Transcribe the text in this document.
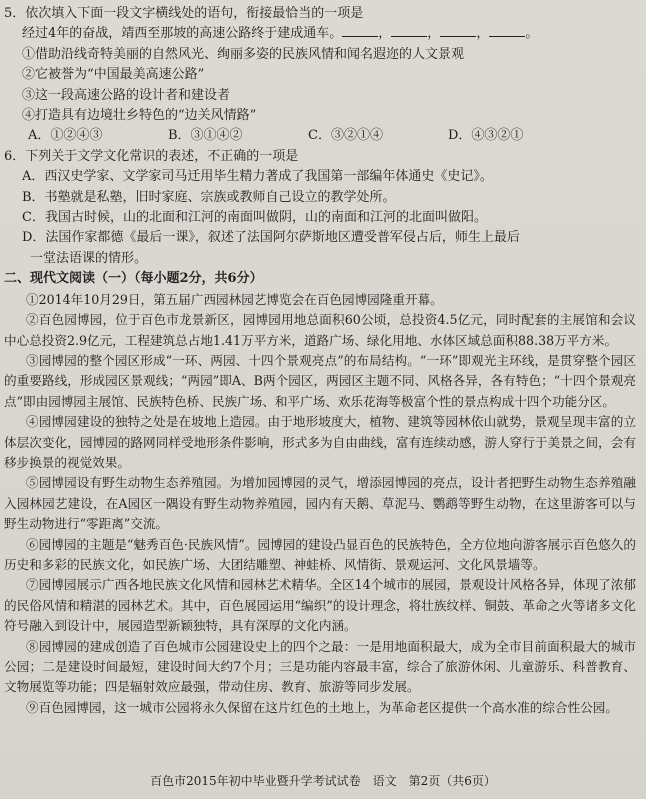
5．依次填入下面一段文字横线处的语句，衔接最恰当的一项是
经过4年的奋战，靖西至那坡的高速公路终于建成通车。	，	，	，	。
①借助沿线奇特美丽的自然风光、绚丽多姿的民族风情和闻名遐迩的人文景观
②它被誉为“中国最美高速公路”
③这一段高速公路的设计者和建设者
④打造具有边境壮乡特色的“边关风情路”
A．①②④③	B．③①④②	C．③②①④	D．④③②①
6．下列关于文学文化常识的表述，不正确的一项是
A．西汉史学家、文学家司马迁用毕生精力著成了我国第一部编年体通史《史记》。
B．书塾就是私塾，旧时家庭、宗族或教师自己设立的教学处所。
C．我国古时候，山的北面和江河的南面叫做阴，山的南面和江河的北面叫做阳。
D．法国作家都德《最后一课》，叙述了法国阿尔萨斯地区遭受普军侵占后，师生上最后
一堂法语课的情形。
二、现代文阅读（一）（每小题2分，共6分）
①2014年10月29日，第五届广西园林园艺博览会在百色园博园隆重开幕。
②百色园博园，位于百色市龙景新区，园博园用地总面积60公顷，总投资4.5亿元，同时配套的主展馆和会议中心总投资2.9亿元，工程建筑总占地1.41万平方米，道路广场、绿化用地、水体区域总面积88.38万平方米。
③园博园的整个园区形成“一环、两园、十四个景观亮点”的布局结构。“一环”即观光主环线，是贯穿整个园区的重要路线，形成园区景观线；“两园”即A、B两个园区，两园区主题不同、风格各异，各有特色；“十四个景观亮点”即由园博园主展馆、民族特色桥、民族广场、和平广场、欢乐花海等极富个性的景点构成十四个功能分区。
④园博园建设的独特之处是在坡地上造园。由于地形坡度大，植物、建筑等园林依山就势，景观呈现丰富的立体层次变化，园博园的路网同样受地形条件影响，形式多为自由曲线，富有连续动感，游人穿行于美景之间，会有移步换景的视觉效果。
⑤园博园设有野生动物生态养殖园。为增加园博园的灵气，增添园博园的亮点，设计者把野生动物生态养殖融入园林园艺建设，在A园区一隅设有野生动物养殖园，园内有天鹅、草泥马、鹦鹉等野生动物，在这里游客可以与野生动物进行“零距离”交流。
⑥园博园的主题是“魅秀百色·民族风情”。园博园的建设凸显百色的民族特色，全方位地向游客展示百色悠久的历史和多彩的民族文化，如民族广场、大团结雕塑、神蛙桥、风情街、景观运河、文化风景墙等。
⑦园博园展示广西各地民族文化风情和园林艺术精华。全区14个城市的展园，景观设计风格各异，体现了浓郁的民俗风情和精湛的园林艺术。其中，百色展园运用“编织”的设计理念，将壮族纹样、铜鼓、革命之火等诸多文化符号融入到设计中，展园造型新颖独特，具有深厚的文化内涵。
⑧园博园的建成创造了百色城市公园建设史上的四个之最：一是用地面积最大，成为全市目前面积最大的城市公园；二是建设时间最短，建设时间大约7个月；三是功能内容最丰富，综合了旅游休闲、儿童游乐、科普教育、文物展览等功能；四是辐射效应最强，带动住房、教育、旅游等同步发展。
⑨百色园博园，这一城市公园将永久保留在这片红色的土地上，为革命老区提供一个高水准的综合性公园。
百色市2015年初中毕业暨升学考试试卷　语文　第2页（共6页）
